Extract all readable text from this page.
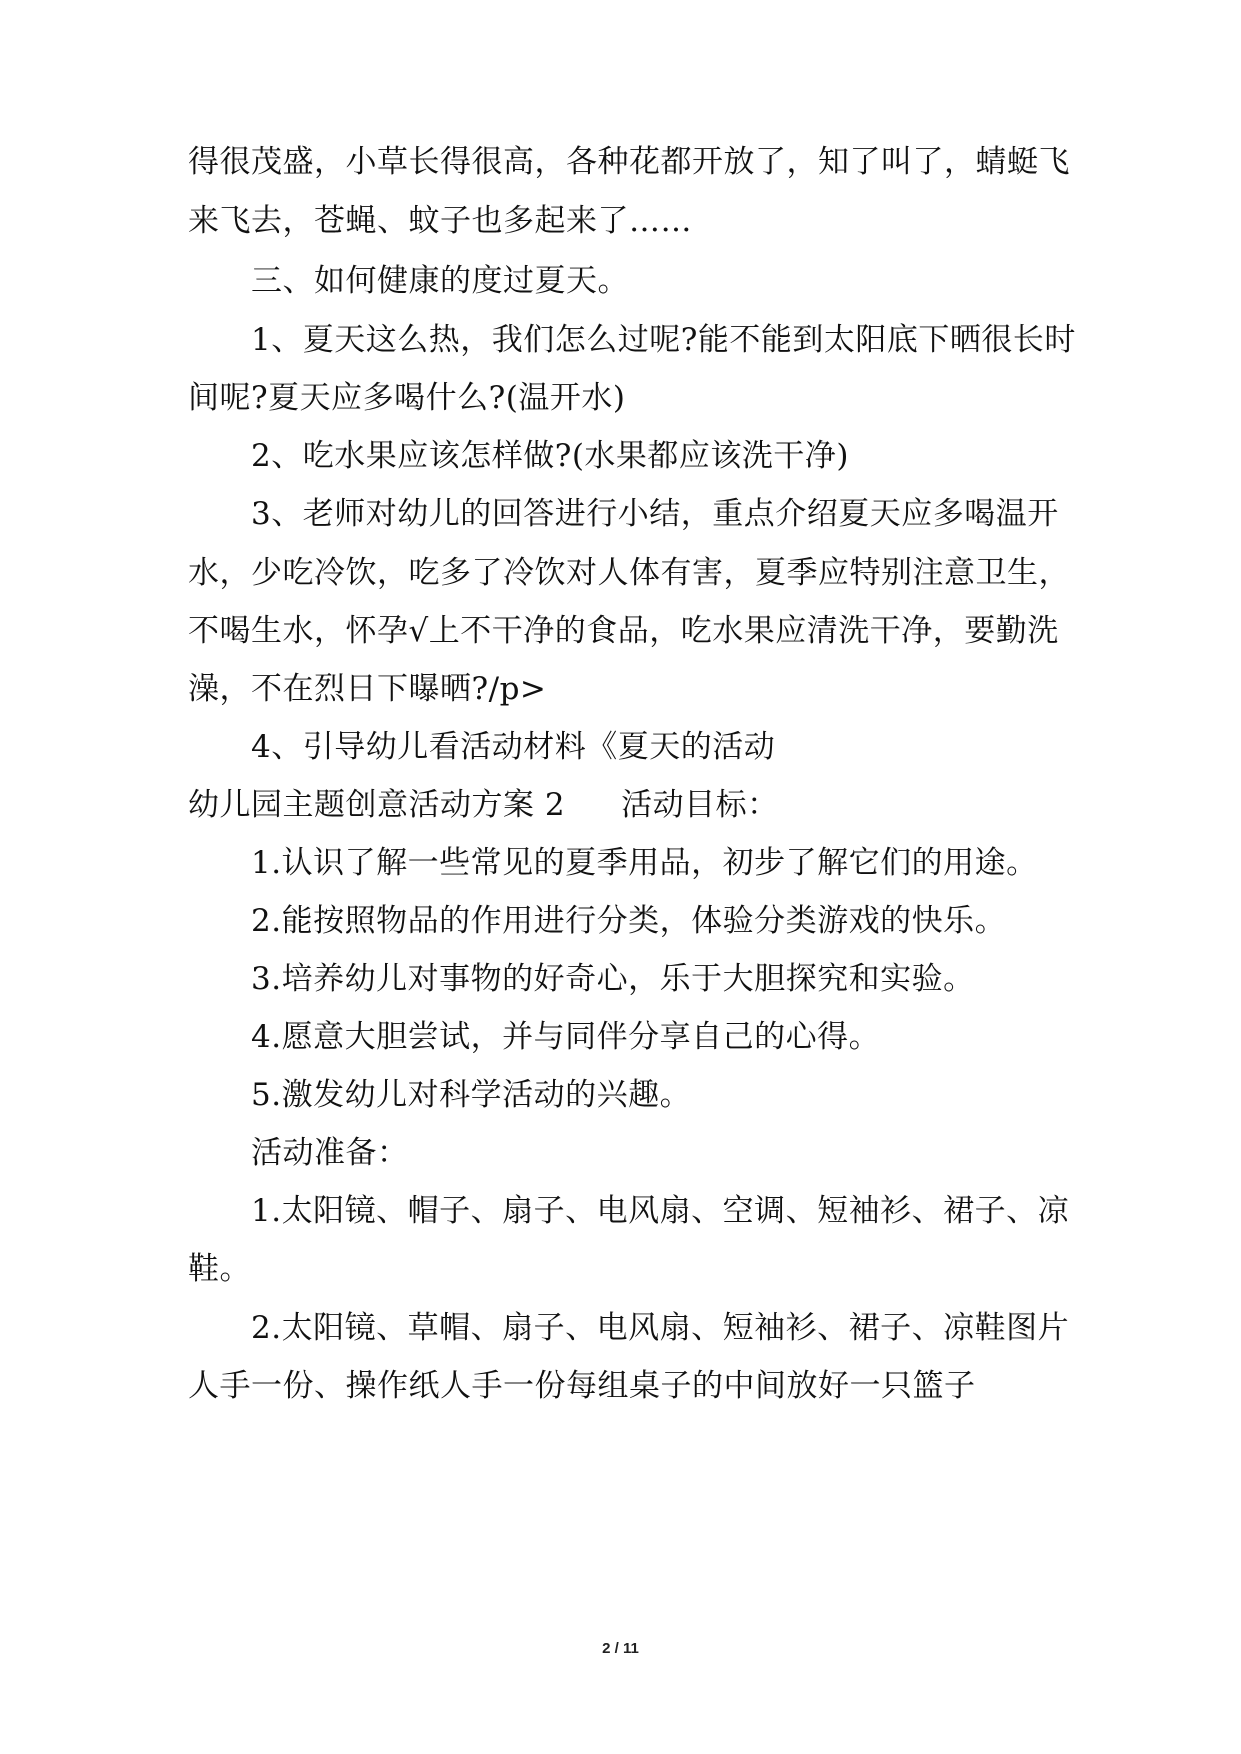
得很茂盛，小草长得很高，各种花都开放了，知了叫了，蜻蜓飞
来飞去，苍蝇、蚊子也多起来了……
三、如何健康的度过夏天。
1、夏天这么热，我们怎么过呢?能不能到太阳底下晒很长时
间呢?夏天应多喝什么?(温开水)
2、吃水果应该怎样做?(水果都应该洗干净)
3、老师对幼儿的回答进行小结，重点介绍夏天应多喝温开
水，少吃冷饮，吃多了冷饮对人体有害，夏季应特别注意卫生，
不喝生水，怀孕√上不干净的食品，吃水果应清洗干净，要勤洗
澡，不在烈日下曝晒?/p>
4、引导幼儿看活动材料《夏天的活动
幼儿园主题创意活动方案 2 活动目标：
1.认识了解一些常见的夏季用品，初步了解它们的用途。
2.能按照物品的作用进行分类，体验分类游戏的快乐。
3.培养幼儿对事物的好奇心，乐于大胆探究和实验。
4.愿意大胆尝试，并与同伴分享自己的心得。
5.激发幼儿对科学活动的兴趣。
活动准备：
1.太阳镜、帽子、扇子、电风扇、空调、短袖衫、裙子、凉
鞋。
2.太阳镜、草帽、扇子、电风扇、短袖衫、裙子、凉鞋图片
人手一份、操作纸人手一份每组桌子的中间放好一只篮子
2 / 11
